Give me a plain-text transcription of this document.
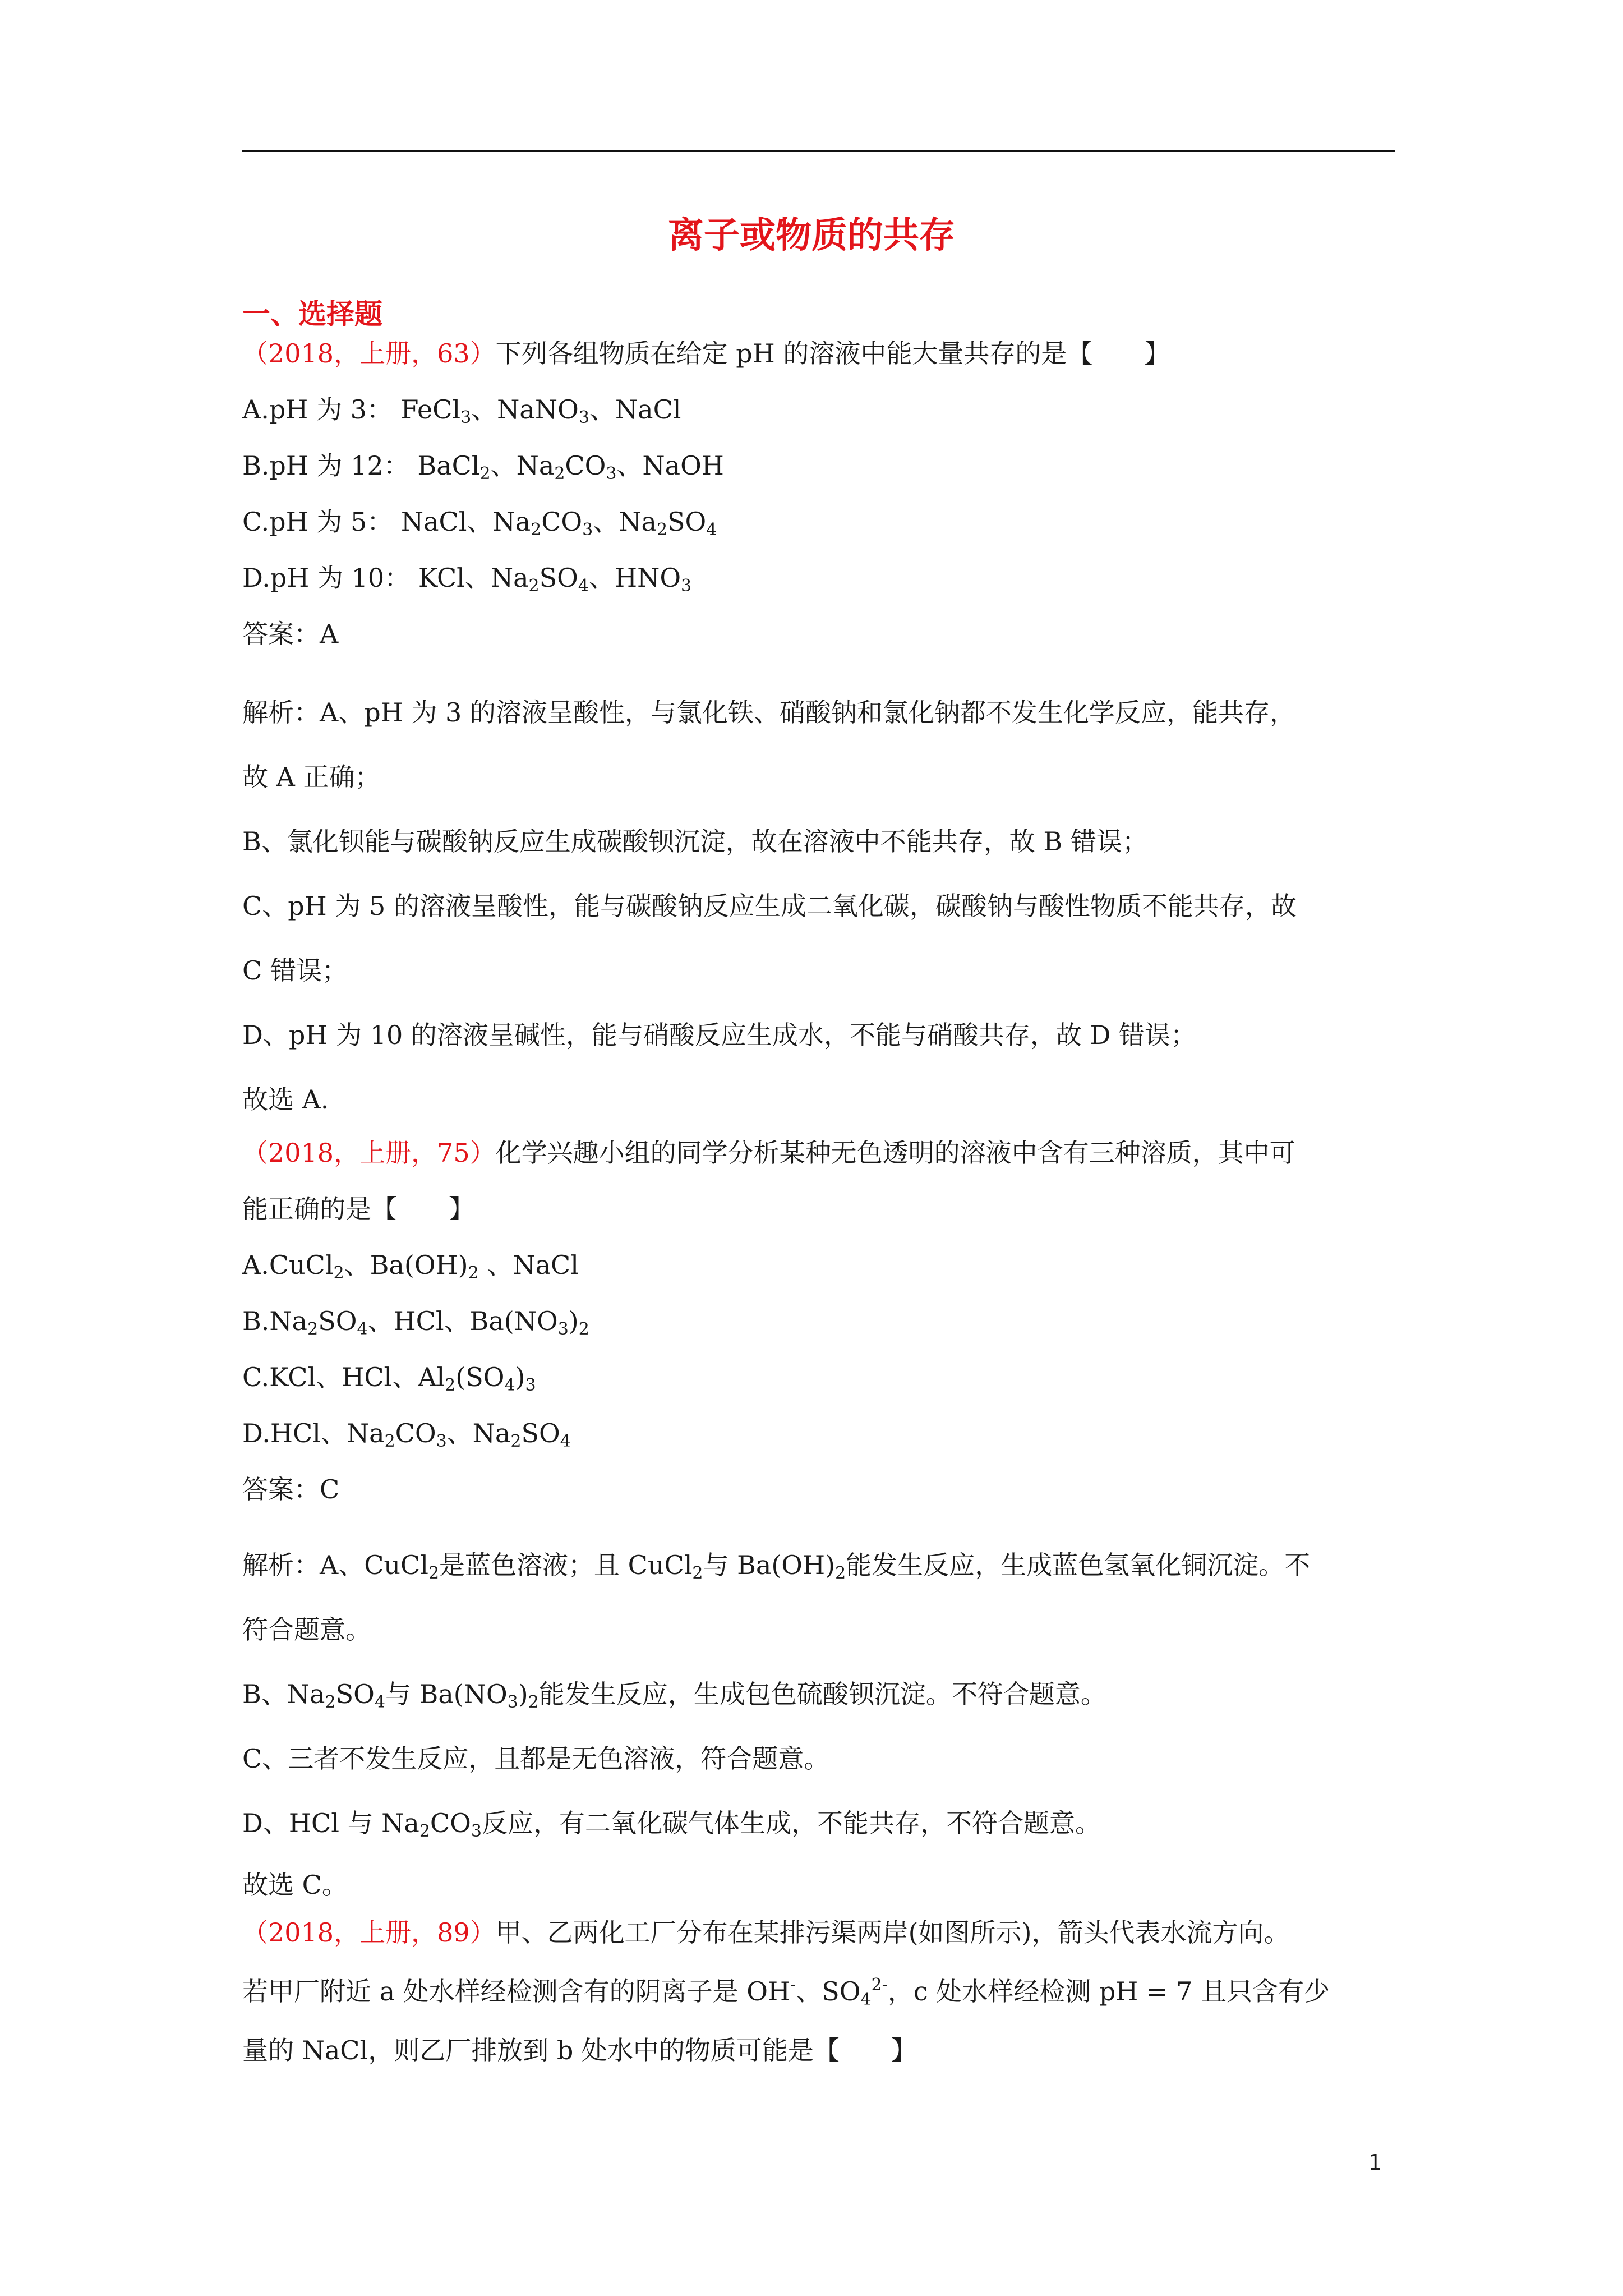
离子或物质的共存
一、选择题
（2018，上册，63）下列各组物质在给定 pH 的溶液中能大量共存的是【　　】
A.pH 为 3： FeCl$_3$、NaNO$_3$、NaCl
B.pH 为 12： BaCl$_2$、$Na_2CO_3$、NaOH
C.pH 为 5： NaCl、$Na_2CO_3$、$Na_2SO_4$
D.pH 为 10： KCl、$Na_2SO_4$、$HNO_3$
答案：A
解析：A、pH 为 3 的溶液呈酸性，与氯化铁、硝酸钠和氯化钠都不发生化学反应，能共存，
故 A 正确；
B、氯化钡能与碳酸钠反应生成碳酸钡沉淀，故在溶液中不能共存，故 B 错误；
C、pH 为 5 的溶液呈酸性，能与碳酸钠反应生成二氧化碳，碳酸钠与酸性物质不能共存，故
C 错误；
D、pH 为 10 的溶液呈碱性，能与硝酸反应生成水，不能与硝酸共存，故 D 错误；
故选 A.
（2018，上册，75）化学兴趣小组的同学分析某种无色透明的溶液中含有三种溶质，其中可
能正确的是【　　】
A.CuCl$_2$、$Ba(OH)_2$ 、NaCl
$B.Na_2SO_4$、HCl、$Ba(NO_3)_2$
C.KCl、HCl、$Al_2(SO_4)_3$
D.HCl、$Na_2CO_3$、$Na_2SO_4$
答案：C
解析：A、CuCl$_2$是蓝色溶液；且 CuCl$_2$与 $Ba(OH)_2$能发生反应，生成蓝色氢氧化铜沉淀。不
符合题意。
B、$Na_2SO_4$与 $Ba(NO_3)_2$能发生反应，生成包色硫酸钡沉淀。不符合题意。
C、三者不发生反应，且都是无色溶液，符合题意。
D、HCl 与 $Na_2CO_3$反应，有二氧化碳气体生成，不能共存，不符合题意。
故选 C。
（2018，上册，89）甲、乙两化工厂分布在某排污渠两岸(如图所示)，箭头代表水流方向。
若甲厂附近 a 处水样经检测含有的阴离子是 OH-、$SO_4^{2-}$，c 处水样经检测 pH = 7 且只含有少
量的 NaCl，则乙厂排放到 b 处水中的物质可能是【　　】
1
